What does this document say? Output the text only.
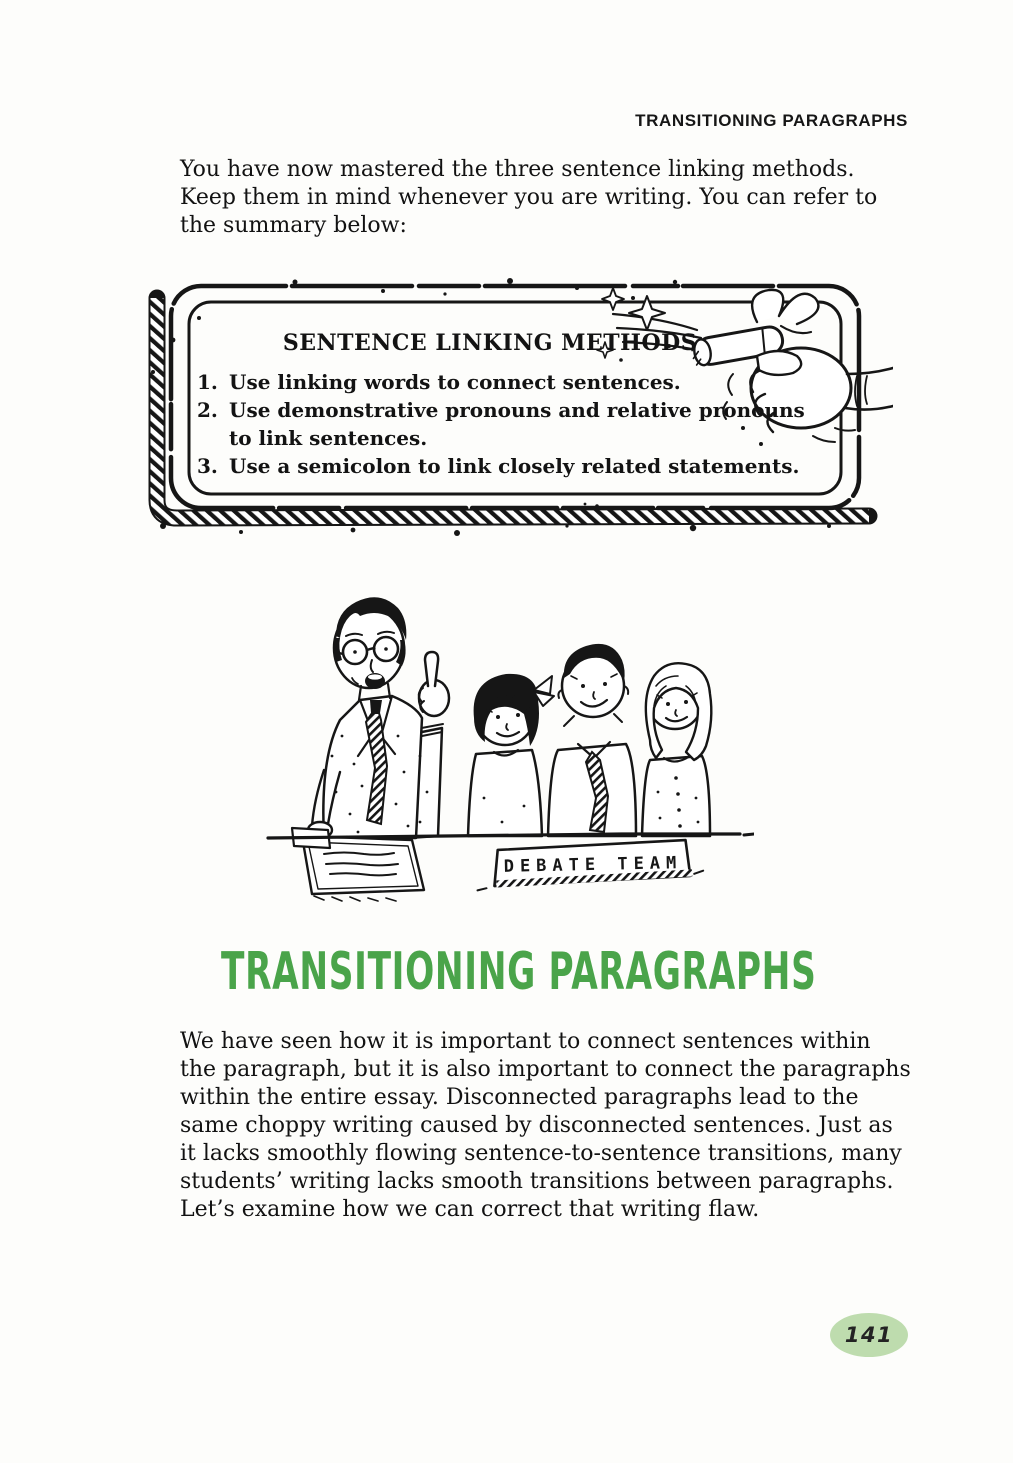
TRANSITIONING PARAGRAPHS
You have now mastered the three sentence linking methods.
Keep them in mind whenever you are writing. You can refer to
the summary below:
SENTENCE LINKING METHODS
1. Use linking words to connect sentences.
2. Use demonstrative pronouns and relative pronouns
to link sentences.
3. Use a semicolon to link closely related statements.
DEBATE TEAM
TRANSITIONING PARAGRAPHS
We have seen how it is important to connect sentences within
the paragraph, but it is also important to connect the paragraphs
within the entire essay. Disconnected paragraphs lead to the
same choppy writing caused by disconnected sentences. Just as
it lacks smoothly flowing sentence-to-sentence transitions, many
students’ writing lacks smooth transitions between paragraphs.
Let’s examine how we can correct that writing flaw.
141
